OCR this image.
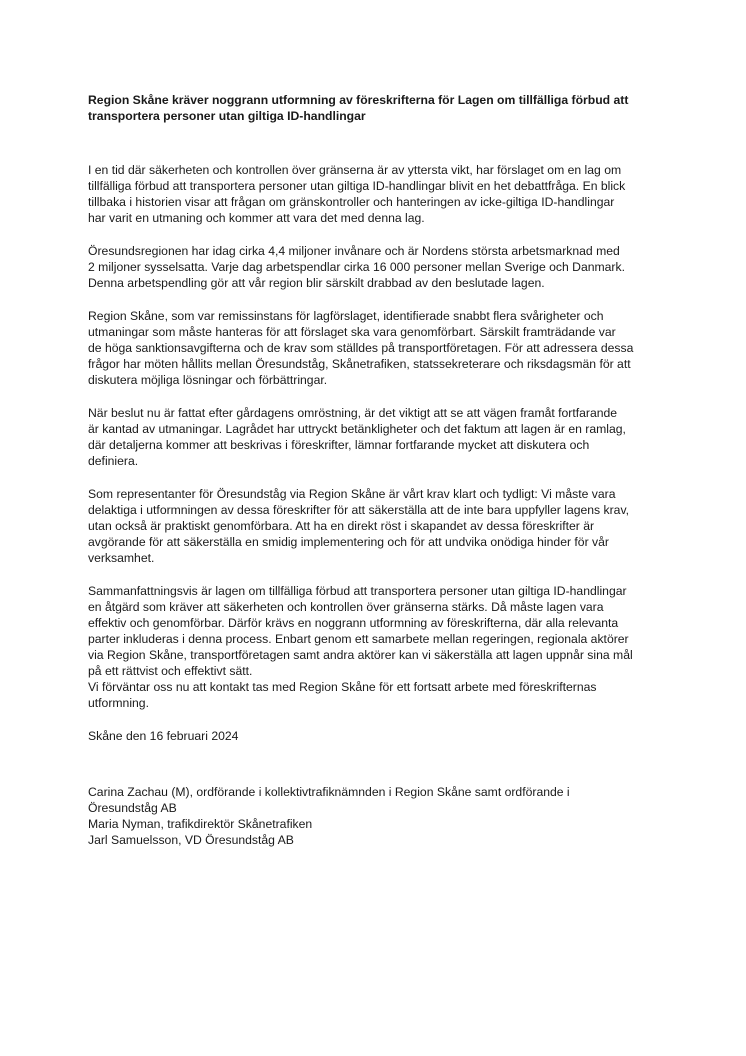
Region Skåne kräver noggrann utformning av föreskrifterna för Lagen om tillfälliga förbud att
transportera personer utan giltiga ID-handlingar
I en tid där säkerheten och kontrollen över gränserna är av yttersta vikt, har förslaget om en lag om
tillfälliga förbud att transportera personer utan giltiga ID-handlingar blivit en het debattfråga. En blick
tillbaka i historien visar att frågan om gränskontroller och hanteringen av icke-giltiga ID-handlingar
har varit en utmaning och kommer att vara det med denna lag.
Öresundsregionen har idag cirka 4,4 miljoner invånare och är Nordens största arbetsmarknad med
2 miljoner sysselsatta. Varje dag arbetspendlar cirka 16 000 personer mellan Sverige och Danmark.
Denna arbetspendling gör att vår region blir särskilt drabbad av den beslutade lagen.
Region Skåne, som var remissinstans för lagförslaget, identifierade snabbt flera svårigheter och
utmaningar som måste hanteras för att förslaget ska vara genomförbart. Särskilt framträdande var
de höga sanktionsavgifterna och de krav som ställdes på transportföretagen. För att adressera dessa
frågor har möten hållits mellan Öresundståg, Skånetrafiken, statssekreterare och riksdagsmän för att
diskutera möjliga lösningar och förbättringar.
När beslut nu är fattat efter gårdagens omröstning, är det viktigt att se att vägen framåt fortfarande
är kantad av utmaningar. Lagrådet har uttryckt betänkligheter och det faktum att lagen är en ramlag,
där detaljerna kommer att beskrivas i föreskrifter, lämnar fortfarande mycket att diskutera och
definiera.
Som representanter för Öresundståg via Region Skåne är vårt krav klart och tydligt: Vi måste vara
delaktiga i utformningen av dessa föreskrifter för att säkerställa att de inte bara uppfyller lagens krav,
utan också är praktiskt genomförbara. Att ha en direkt röst i skapandet av dessa föreskrifter är
avgörande för att säkerställa en smidig implementering och för att undvika onödiga hinder för vår
verksamhet.
Sammanfattningsvis är lagen om tillfälliga förbud att transportera personer utan giltiga ID-handlingar
en åtgärd som kräver att säkerheten och kontrollen över gränserna stärks. Då måste lagen vara
effektiv och genomförbar. Därför krävs en noggrann utformning av föreskrifterna, där alla relevanta
parter inkluderas i denna process. Enbart genom ett samarbete mellan regeringen, regionala aktörer
via Region Skåne, transportföretagen samt andra aktörer kan vi säkerställa att lagen uppnår sina mål
på ett rättvist och effektivt sätt.
Vi förväntar oss nu att kontakt tas med Region Skåne för ett fortsatt arbete med föreskrifternas
utformning.
Skåne den 16 februari 2024
Carina Zachau (M), ordförande i kollektivtrafiknämnden i Region Skåne samt ordförande i
Öresundståg AB
Maria Nyman, trafikdirektör Skånetrafiken
Jarl Samuelsson, VD Öresundståg AB
